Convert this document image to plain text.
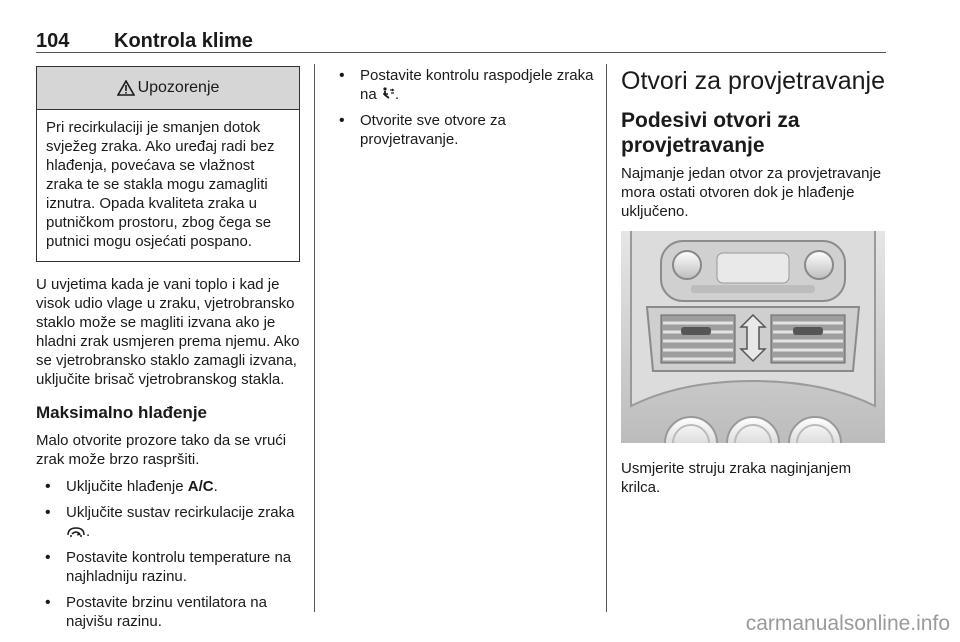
104 Kontrola klime
Upozorenje
Pri recirkulaciji je smanjen dotok svježeg zraka. Ako uređaj radi bez hlađenja, povećava se vlažnost zraka te se stakla mogu zamagliti iznutra. Opada kvaliteta zraka u putničkom prostoru, zbog čega se putnici mogu osjećati pospano.

U uvjetima kada je vani toplo i kad je visok udio vlage u zraku, vjetrobransko staklo može se magliti izvana ako je hladni zrak usmjeren prema njemu. Ako se vjetrobransko staklo zamagli izvana, uključite brisač vjetrobranskog stakla.

Maksimalno hlađenje

Malo otvorite prozore tako da se vrući zrak može brzo raspršiti.

• Uključite hlađenje A/C.
• Uključite sustav recirkulacije zraka .
• Postavite kontrolu temperature na najhladniju razinu.
• Postavite brzinu ventilatora na najvišu razinu.
• Postavite kontrolu raspodjele zraka na .
• Otvorite sve otvore za provjetravanje.
Otvori za provjetravanje
Podesivi otvori za provjetravanje

Najmanje jedan otvor za provjetravanje mora ostati otvoren dok je hlađenje uključeno.

Usmjerite struju zraka naginjanjem krilca.

carmanualsonline.info
